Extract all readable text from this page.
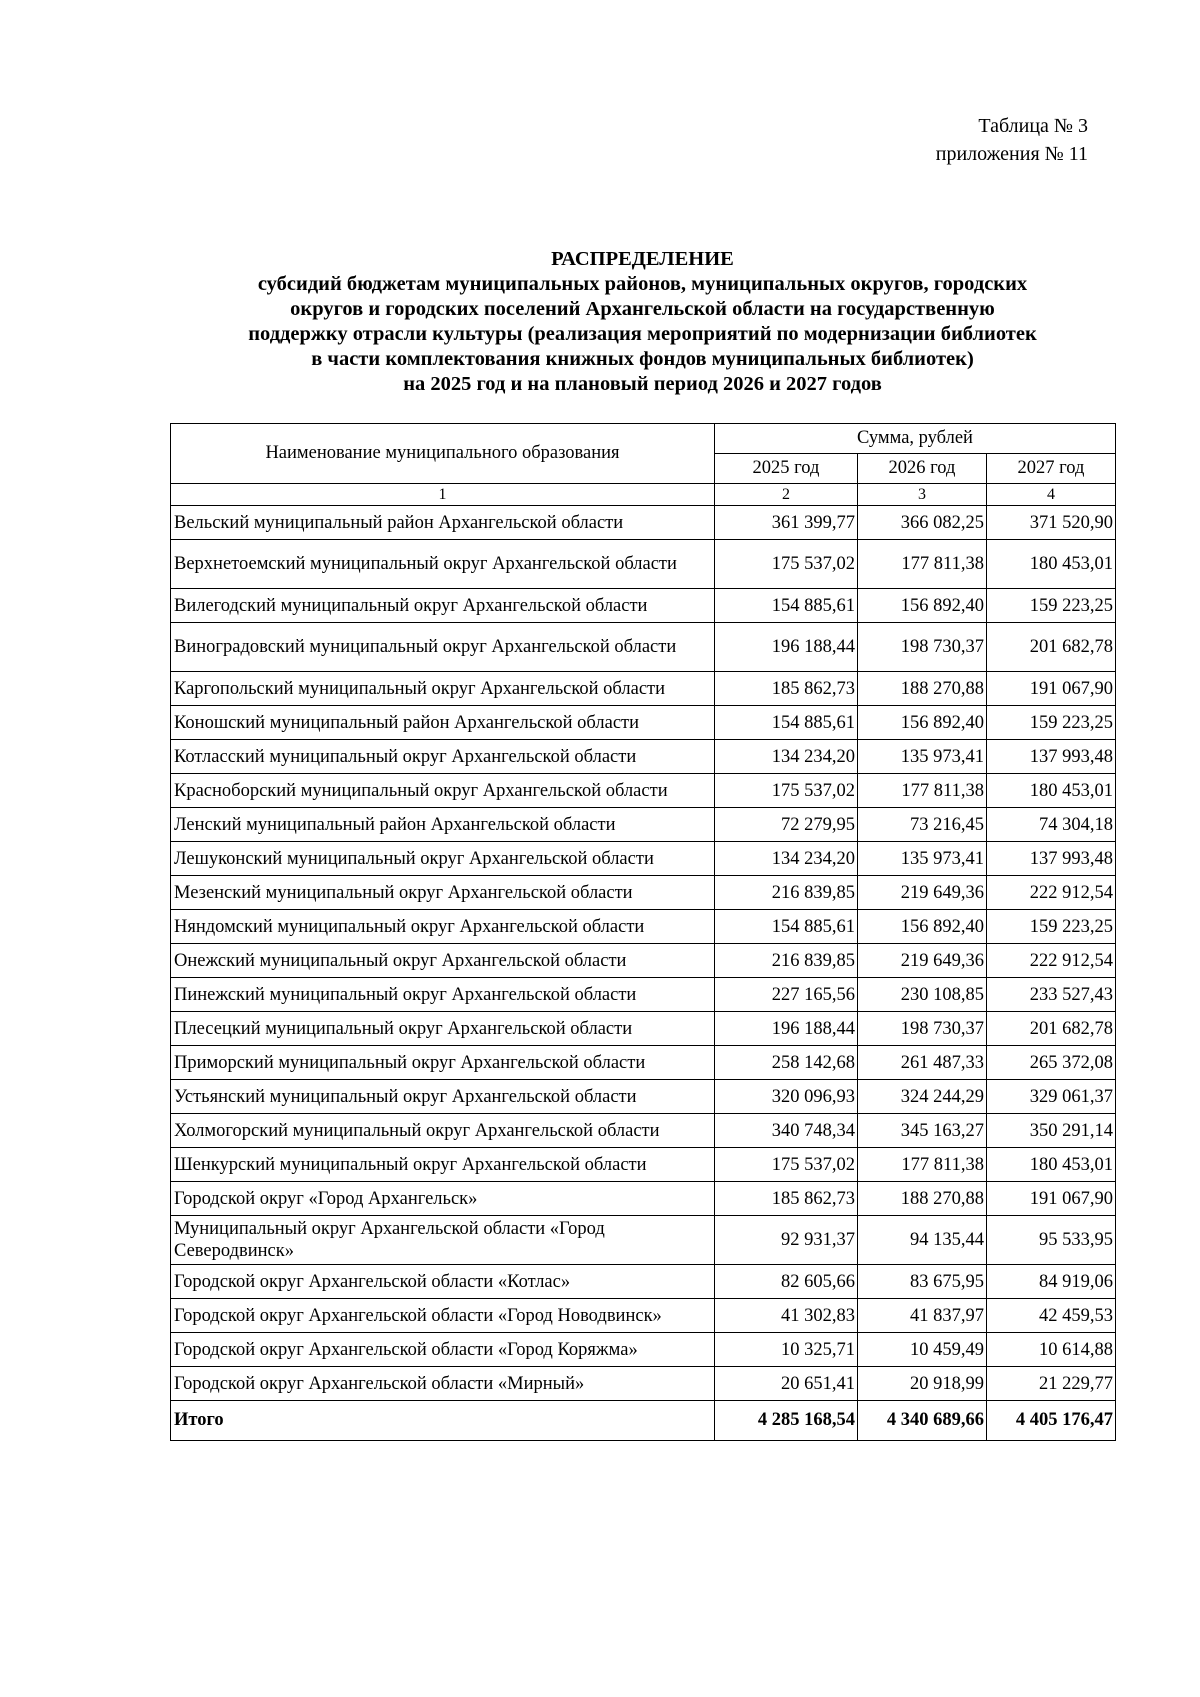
Таблица № 3
приложения № 11
РАСПРЕДЕЛЕНИЕ
субсидий бюджетам муниципальных районов, муниципальных округов, городских
округов и городских поселений Архангельской области на государственную
поддержку отрасли культуры (реализация мероприятий по модернизации библиотек
в части комплектования книжных фондов муниципальных библиотек)
на 2025 год и на плановый период 2026 и 2027 годов
Наименование муниципального образования	Сумма, рублей		
	2025 год	2026 год	2027 год
1	2	3	4
Вельский муниципальный район Архангельской области	361 399,77	366 082,25	371 520,90
Верхнетоемский муниципальный округ Архангельской области	175 537,02	177 811,38	180 453,01
Вилегодский муниципальный округ Архангельской области	154 885,61	156 892,40	159 223,25
Виноградовский муниципальный округ Архангельской области	196 188,44	198 730,37	201 682,78
Каргопольский муниципальный округ Архангельской области	185 862,73	188 270,88	191 067,90
Коношский муниципальный район Архангельской области	154 885,61	156 892,40	159 223,25
Котласский муниципальный округ Архангельской области	134 234,20	135 973,41	137 993,48
Красноборский муниципальный округ Архангельской области	175 537,02	177 811,38	180 453,01
Ленский муниципальный район Архангельской области	72 279,95	73 216,45	74 304,18
Лешуконский муниципальный округ Архангельской области	134 234,20	135 973,41	137 993,48
Мезенский муниципальный округ Архангельской области	216 839,85	219 649,36	222 912,54
Няндомский муниципальный округ Архангельской области	154 885,61	156 892,40	159 223,25
Онежский муниципальный округ Архангельской области	216 839,85	219 649,36	222 912,54
Пинежский муниципальный округ Архангельской области	227 165,56	230 108,85	233 527,43
Плесецкий муниципальный округ Архангельской области	196 188,44	198 730,37	201 682,78
Приморский муниципальный округ Архангельской области	258 142,68	261 487,33	265 372,08
Устьянский муниципальный округ Архангельской области	320 096,93	324 244,29	329 061,37
Холмогорский муниципальный округ Архангельской области	340 748,34	345 163,27	350 291,14
Шенкурский муниципальный округ Архангельской области	175 537,02	177 811,38	180 453,01
Городской округ «Город Архангельск»	185 862,73	188 270,88	191 067,90
Муниципальный округ Архангельской области «Город Северодвинск»	92 931,37	94 135,44	95 533,95
Городской округ Архангельской области «Котлас»	82 605,66	83 675,95	84 919,06
Городской округ Архангельской области «Город Новодвинск»	41 302,83	41 837,97	42 459,53
Городской округ Архангельской области «Город Коряжма»	10 325,71	10 459,49	10 614,88
Городской округ Архангельской области «Мирный»	20 651,41	20 918,99	21 229,77
Итого	4 285 168,54	4 340 689,66	4 405 176,47
